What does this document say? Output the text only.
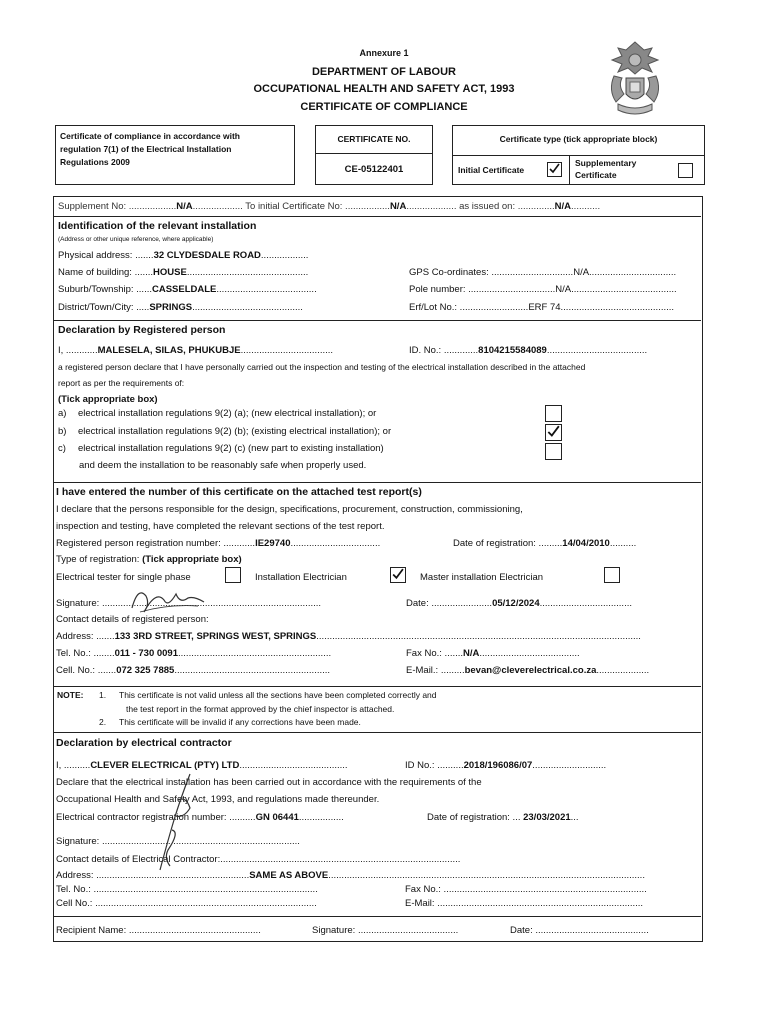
Annexure 1
DEPARTMENT OF LABOUR
OCCUPATIONAL HEALTH AND SAFETY ACT, 1993
CERTIFICATE OF COMPLIANCE
Certificate of compliance in accordance with
regulation 7(1) of the Electrical Installation
Regulations 2009
CERTIFICATE NO.
CE-05122401
Certificate type (tick appropriate block)
Initial Certificate
Supplementary
Certificate
Supplement No: ..................N/A................... To initial Certificate No: .................N/A................... as issued on: ..............N/A...........
Identification of the relevant installation
(Address or other unique reference, where applicable)
Physical address: .......32 CLYDESDALE ROAD..................
Name of building: .......HOUSE..............................................
Suburb/Township: ......CASSELDALE......................................
District/Town/City: .....SPRINGS..........................................
GPS Co-ordinates: ...............................N/A.................................
Pole number: .................................N/A........................................
Erf/Lot No.: ..........................ERF 74...........................................
Declaration by Registered person
I, ............MALESELA, SILAS, PHUKUBJE...................................	ID. No.: .............8104215584089......................................
a registered person declare that I have personally carried out the inspection and testing of the electrical installation described in the attached
report as per the requirements of:
(Tick appropriate box)
a) electrical installation regulations 9(2) (a); (new electrical installation); or
b) electrical installation regulations 9(2) (b); (existing electrical installation); or
c) electrical installation regulations 9(2) (c) (new part to existing installation)
and deem the installation to be reasonably safe when properly used.
I have entered the number of this certificate on the attached test report(s)
I declare that the persons responsible for the design, specifications, procurement, construction, commissioning,
inspection and testing, have completed the relevant sections of the test report.
Registered person registration number: ............IE29740..................................	Date of registration: .........14/04/2010..........
Type of registration: (Tick appropriate box)
Electrical tester for single phase	Installation Electrician	Master installation Electrician
Signature: ...................................................................................	Date: .......................05/12/2024...................................
Contact details of registered person:
Address: .......133 3RD STREET, SPRINGS WEST, SPRINGS...........................................................................................................................
Tel. No.: ........011 - 730 0091..........................................................	Fax No.: .......N/A......................................
Cell. No.: .......072 325 7885...........................................................	E-Mail.: .........bevan@cleverelectrical.co.za....................
NOTE: 1. This certificate is not valid unless all the sections have been completed correctly and
the test report in the format approved by the chief inspector is attached.
2. This certificate will be invalid if any corrections have been made.
Declaration by electrical contractor
I, ..........CLEVER ELECTRICAL (PTY) LTD.........................................	ID No.: ..........2018/196086/07............................
Declare that the electrical installation has been carried out in accordance with the requirements of the
Occupational Health and Safety Act, 1993, and regulations made thereunder.
Electrical contractor registration number: ..........GN 06441.................	Date of registration: ... 23/03/2021...
Signature: ...........................................................................
Contact details of Electrical Contractor:...........................................................................................
Address: ..........................................................SAME AS ABOVE........................................................................................................................
Tel. No.: .....................................................................................	Fax No.: .............................................................................
Cell No.: ....................................................................................	E-Mail: ..............................................................................
Recipient Name: ..................................................	Signature: ......................................	Date: ...........................................
